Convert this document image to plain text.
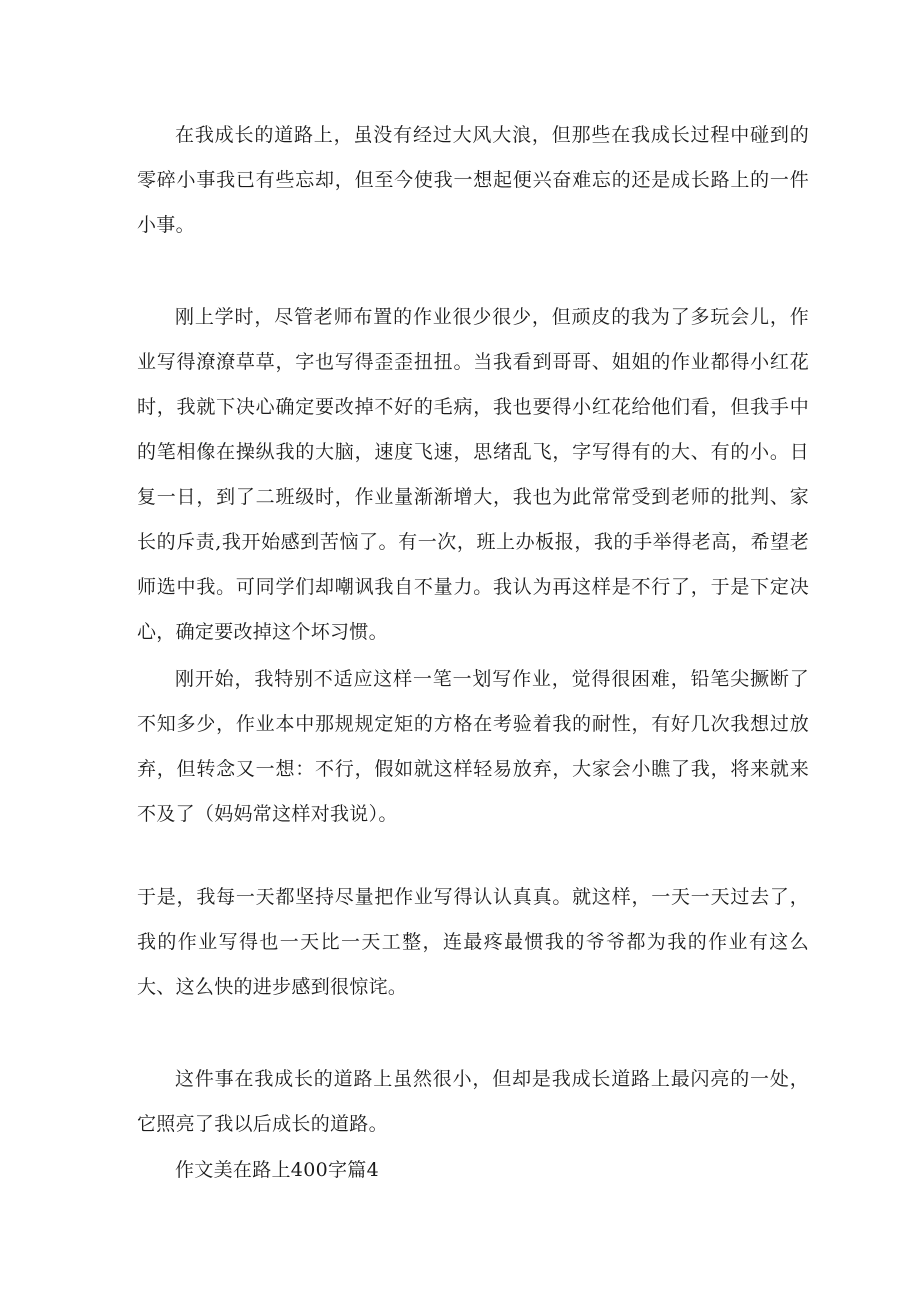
在我成长的道路上，虽没有经过大风大浪，但那些在我成长过程中碰到的零碎小事我已有些忘却，但至今使我一想起便兴奋难忘的还是成长路上的一件小事。

刚上学时，尽管老师布置的作业很少很少，但顽皮的我为了多玩会儿，作业写得潦潦草草，字也写得歪歪扭扭。当我看到哥哥、姐姐的作业都得小红花时，我就下决心确定要改掉不好的毛病，我也要得小红花给他们看，但我手中的笔相像在操纵我的大脑，速度飞速，思绪乱飞，字写得有的大、有的小。日复一日，到了二班级时，作业量渐渐增大，我也为此常常受到老师的批判、家长的斥责,我开始感到苦恼了。有一次，班上办板报，我的手举得老高，希望老师选中我。可同学们却嘲讽我自不量力。我认为再这样是不行了，于是下定决心，确定要改掉这个坏习惯。

刚开始，我特别不适应这样一笔一划写作业，觉得很困难，铅笔尖撅断了不知多少，作业本中那规规定矩的方格在考验着我的耐性，有好几次我想过放弃，但转念又一想：不行，假如就这样轻易放弃，大家会小瞧了我，将来就来不及了（妈妈常这样对我说）。

于是，我每一天都坚持尽量把作业写得认认真真。就这样，一天一天过去了，我的作业写得也一天比一天工整，连最疼最惯我的爷爷都为我的作业有这么大、这么快的进步感到很惊诧。

这件事在我成长的道路上虽然很小，但却是我成长道路上最闪亮的一处，它照亮了我以后成长的道路。

作文美在路上400字篇4
